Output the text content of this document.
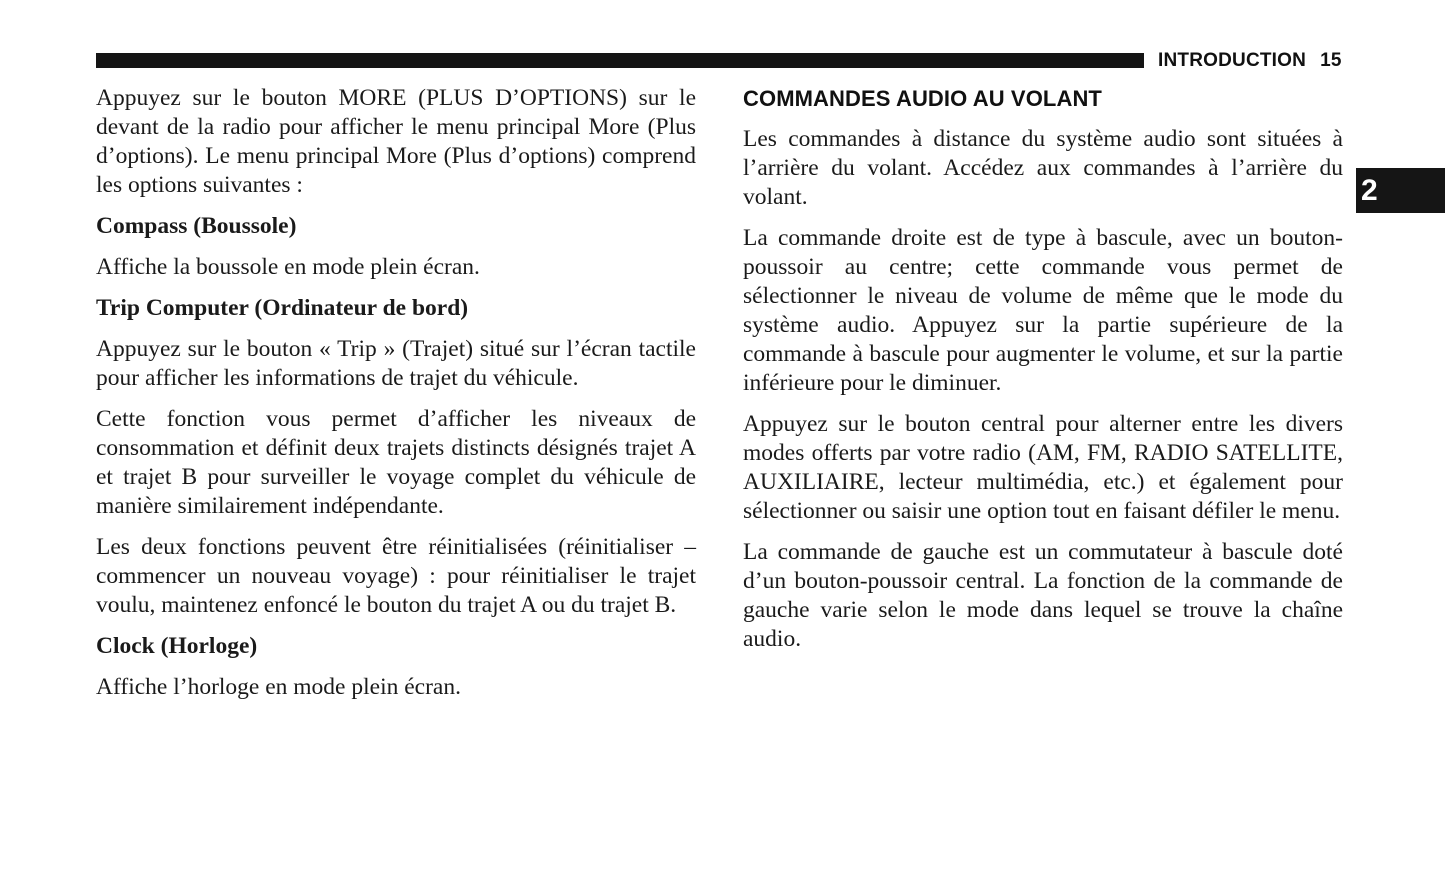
INTRODUCTION 15
2

Appuyez sur le bouton MORE (PLUS D’OPTIONS) sur le devant de la radio pour afficher le menu principal More (Plus d’options). Le menu principal More (Plus d’options) comprend les options suivantes :

Compass (Boussole)

Affiche la boussole en mode plein écran.

Trip Computer (Ordinateur de bord)

Appuyez sur le bouton « Trip » (Trajet) situé sur l’écran tactile pour afficher les informations de trajet du véhicule.

Cette fonction vous permet d’afficher les niveaux de consommation et définit deux trajets distincts désignés trajet A et trajet B pour surveiller le voyage complet du véhicule de manière similairement indépendante.

Les deux fonctions peuvent être réinitialisées (réinitialiser – commencer un nouveau voyage) : pour réinitialiser le trajet voulu, maintenez enfoncé le bouton du trajet A ou du trajet B.

Clock (Horloge)

Affiche l’horloge en mode plein écran.

COMMANDES AUDIO AU VOLANT

Les commandes à distance du système audio sont situées à l’arrière du volant. Accédez aux commandes à l’arrière du volant.

La commande droite est de type à bascule, avec un bouton-poussoir au centre; cette commande vous permet de sélectionner le niveau de volume de même que le mode du système audio. Appuyez sur la partie supérieure de la commande à bascule pour augmenter le volume, et sur la partie inférieure pour le diminuer.

Appuyez sur le bouton central pour alterner entre les divers modes offerts par votre radio (AM, FM, RADIO SATELLITE, AUXILIAIRE, lecteur multimédia, etc.) et également pour sélectionner ou saisir une option tout en faisant défiler le menu.

La commande de gauche est un commutateur à bascule doté d’un bouton-poussoir central. La fonction de la commande de gauche varie selon le mode dans lequel se trouve la chaîne audio.
